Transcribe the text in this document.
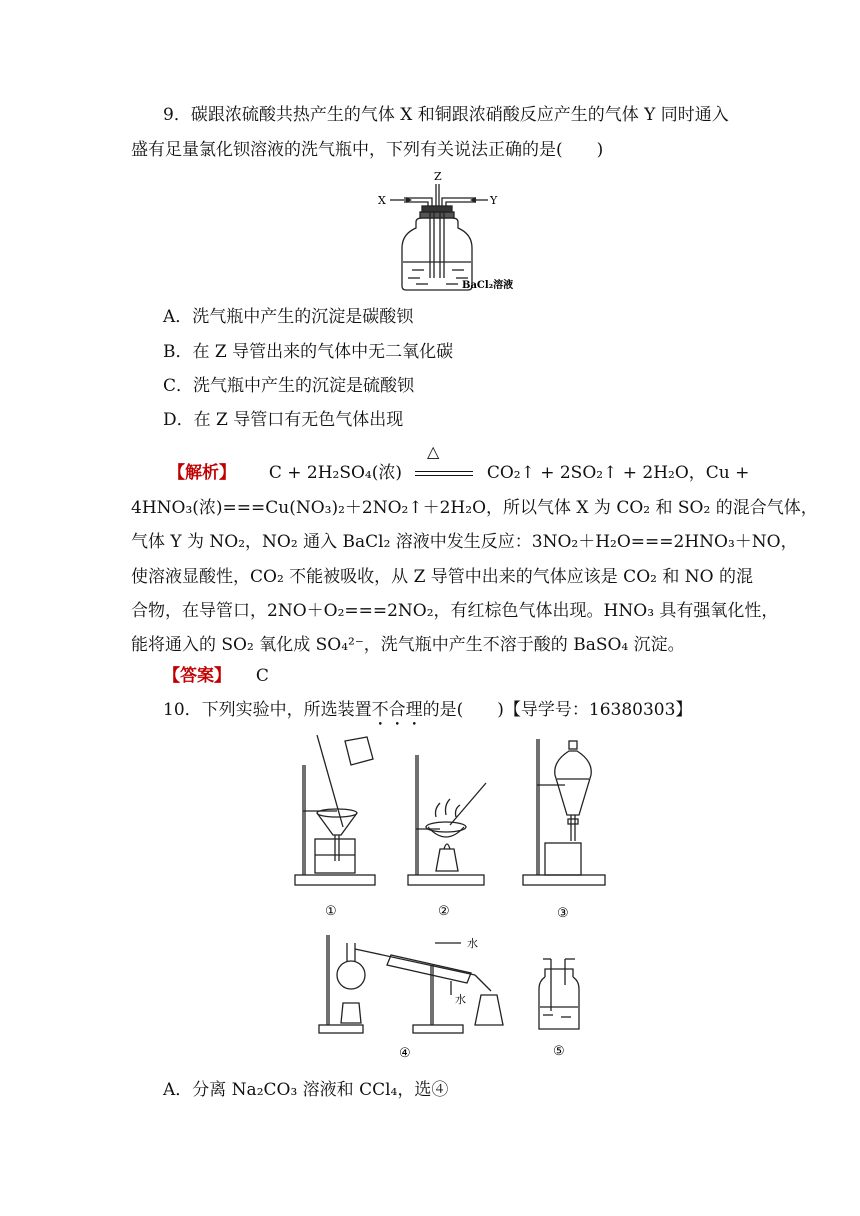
9．碳跟浓硫酸共热产生的气体 X 和铜跟浓硝酸反应产生的气体 Y 同时通入
盛有足量氯化钡溶液的洗气瓶中，下列有关说法正确的是(　　)
X	Y
Z
BaCl₂溶液
A．洗气瓶中产生的沉淀是碳酸钡
B．在 Z 导管出来的气体中无二氧化碳
C．洗气瓶中产生的沉淀是硫酸钡
D．在 Z 导管口有无色气体出现
△
【解析】 C + 2H₂SO₄(浓)	CO₂↑ + 2SO₂↑ + 2H₂O，Cu +
4HNO₃(浓)===Cu(NO₃)₂＋2NO₂↑＋2H₂O，所以气体 X 为 CO₂ 和 SO₂ 的混合气体，
气体 Y 为 NO₂，NO₂ 通入 BaCl₂ 溶液中发生反应：3NO₂＋H₂O===2HNO₃＋NO，
使溶液显酸性，CO₂ 不能被吸收，从 Z 导管中出来的气体应该是 CO₂ 和 NO 的混
合物，在导管口，2NO＋O₂===2NO₂，有红棕色气体出现。HNO₃ 具有强氧化性，
能将通入的 SO₂ 氧化成 SO₄²⁻，洗气瓶中产生不溶于酸的 BaSO₄ 沉淀。
【答案】 C
10．下列实验中，所选装置不合理的是(　　)【导学号：16380303】
①	②	③
水
水
④	⑤
A．分离 Na₂CO₃ 溶液和 CCl₄，选④
